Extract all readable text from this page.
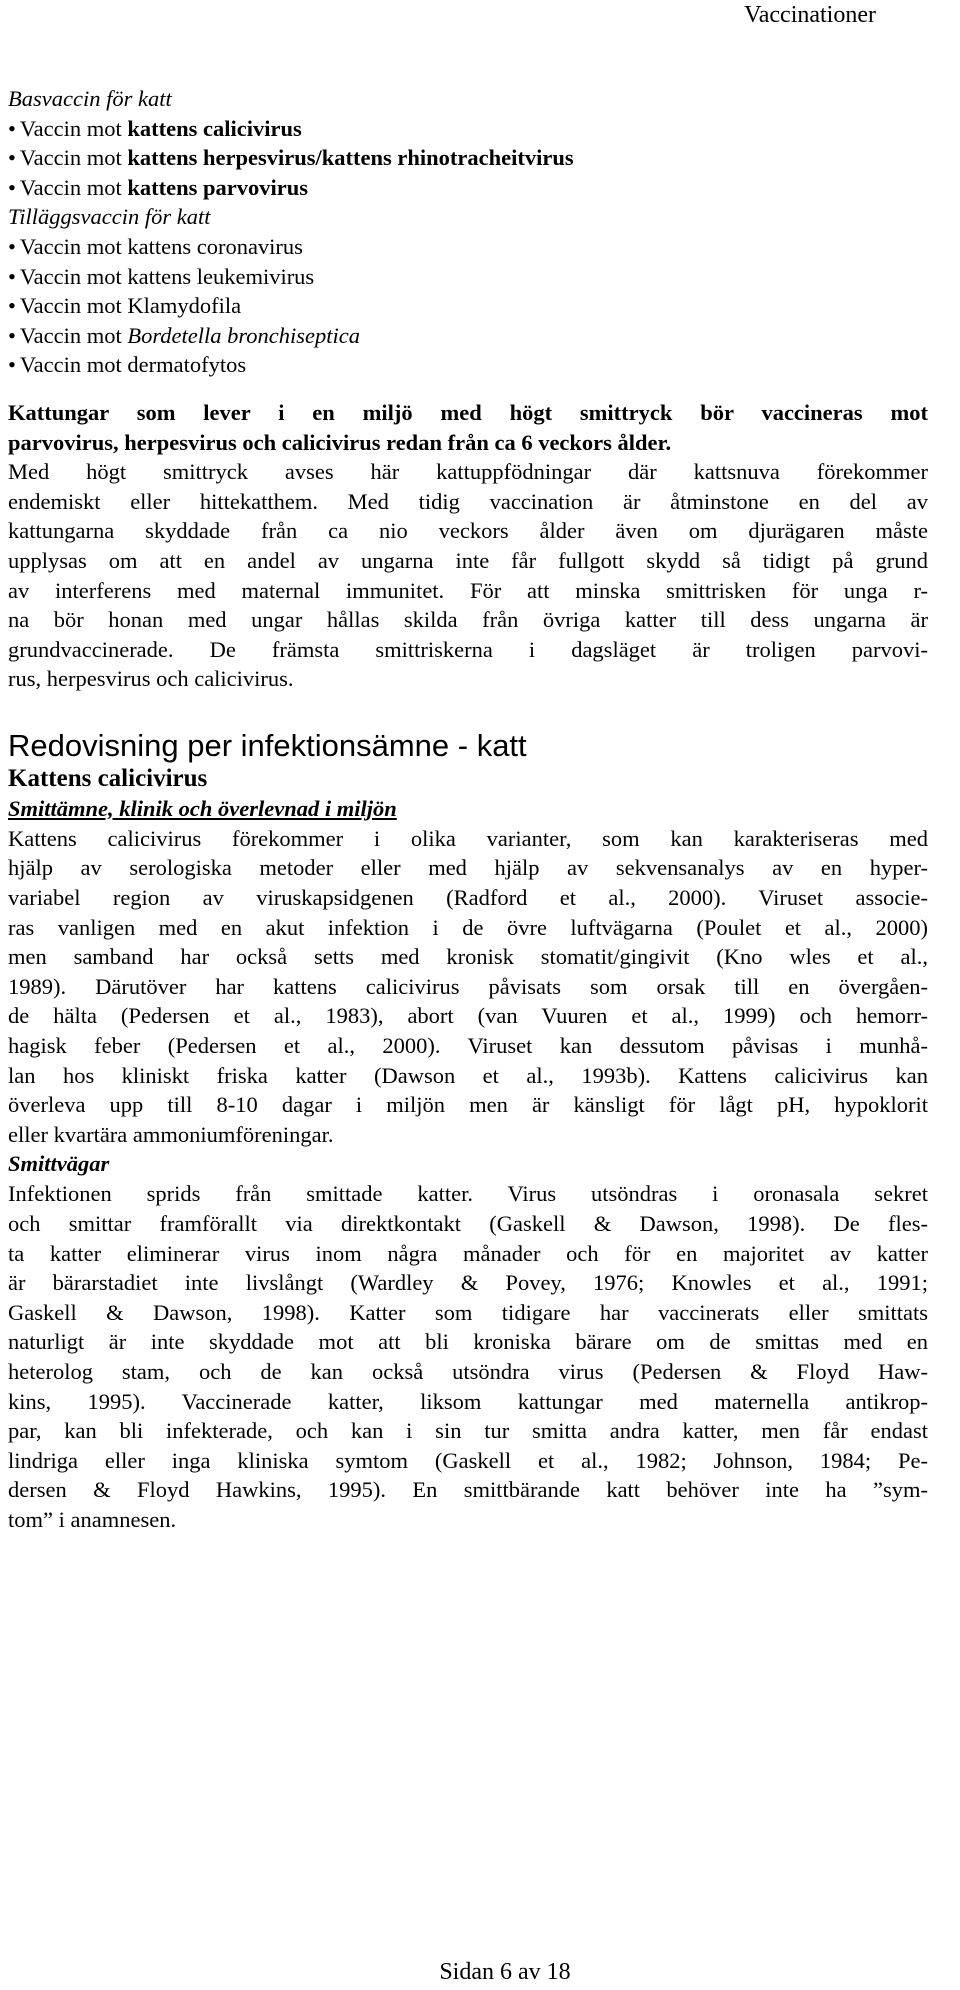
Vaccinationer
Basvaccin för katt
• Vaccin mot kattens calicivirus
• Vaccin mot kattens herpesvirus/kattens rhinotracheitvirus
• Vaccin mot kattens parvovirus
Tilläggsvaccin för katt
• Vaccin mot kattens coronavirus
• Vaccin mot kattens leukemivirus
• Vaccin mot Klamydofila
• Vaccin mot Bordetella bronchiseptica
• Vaccin mot dermatofytos
Kattungar som lever i en miljö med högt smittryck bör vaccineras mot
parvovirus, herpesvirus och calicivirus redan från ca 6 veckors ålder.
Med högt smittryck avses här kattuppfödningar där kattsnuva förekommer
endemiskt eller hittekatthem. Med tidig vaccination är åtminstone en del av
kattungarna skyddade från ca nio veckors ålder även om djurägaren måste
upplysas om att en andel av ungarna inte får fullgott skydd så tidigt på grund
av interferens med maternal immunitet. För att minska smittrisken för unga r-
na bör honan med ungar hållas skilda från övriga katter till dess ungarna är
grundvaccinerade. De främsta smittriskerna i dagsläget är troligen parvovi-
rus, herpesvirus och calicivirus.
Redovisning per infektionsämne - katt
Kattens calicivirus
Smittämne, klinik och överlevnad i miljön
Kattens calicivirus förekommer i olika varianter, som kan karakteriseras med
hjälp av serologiska metoder eller med hjälp av sekvensanalys av en hyper-
variabel region av viruskapsidgenen (Radford et al., 2000). Viruset associe-
ras vanligen med en akut infektion i de övre luftvägarna (Poulet et al., 2000)
men samband har också setts med kronisk stomatit/gingivit (Kno wles et al.,
1989). Därutöver har kattens calicivirus påvisats som orsak till en övergåen-
de hälta (Pedersen et al., 1983), abort (van Vuuren et al., 1999) och hemorr-
hagisk feber (Pedersen et al., 2000). Viruset kan dessutom påvisas i munhå-
lan hos kliniskt friska katter (Dawson et al., 1993b). Kattens calicivirus kan
överleva upp till 8-10 dagar i miljön men är känsligt för lågt pH, hypoklorit
eller kvartära ammoniumföreningar.
Smittvägar
Infektionen sprids från smittade katter. Virus utsöndras i oronasala sekret
och smittar framförallt via direktkontakt (Gaskell & Dawson, 1998). De fles-
ta katter eliminerar virus inom några månader och för en majoritet av katter
är bärarstadiet inte livslångt (Wardley & Povey, 1976; Knowles et al., 1991;
Gaskell & Dawson, 1998). Katter som tidigare har vaccinerats eller smittats
naturligt är inte skyddade mot att bli kroniska bärare om de smittas med en
heterolog stam, och de kan också utsöndra virus (Pedersen & Floyd Haw-
kins, 1995). Vaccinerade katter, liksom kattungar med maternella antikrop-
par, kan bli infekterade, och kan i sin tur smitta andra katter, men får endast
lindriga eller inga kliniska symtom (Gaskell et al., 1982; Johnson, 1984; Pe-
dersen & Floyd Hawkins, 1995). En smittbärande katt behöver inte ha ”sym-
tom” i anamnesen.
Sidan 6 av 18
